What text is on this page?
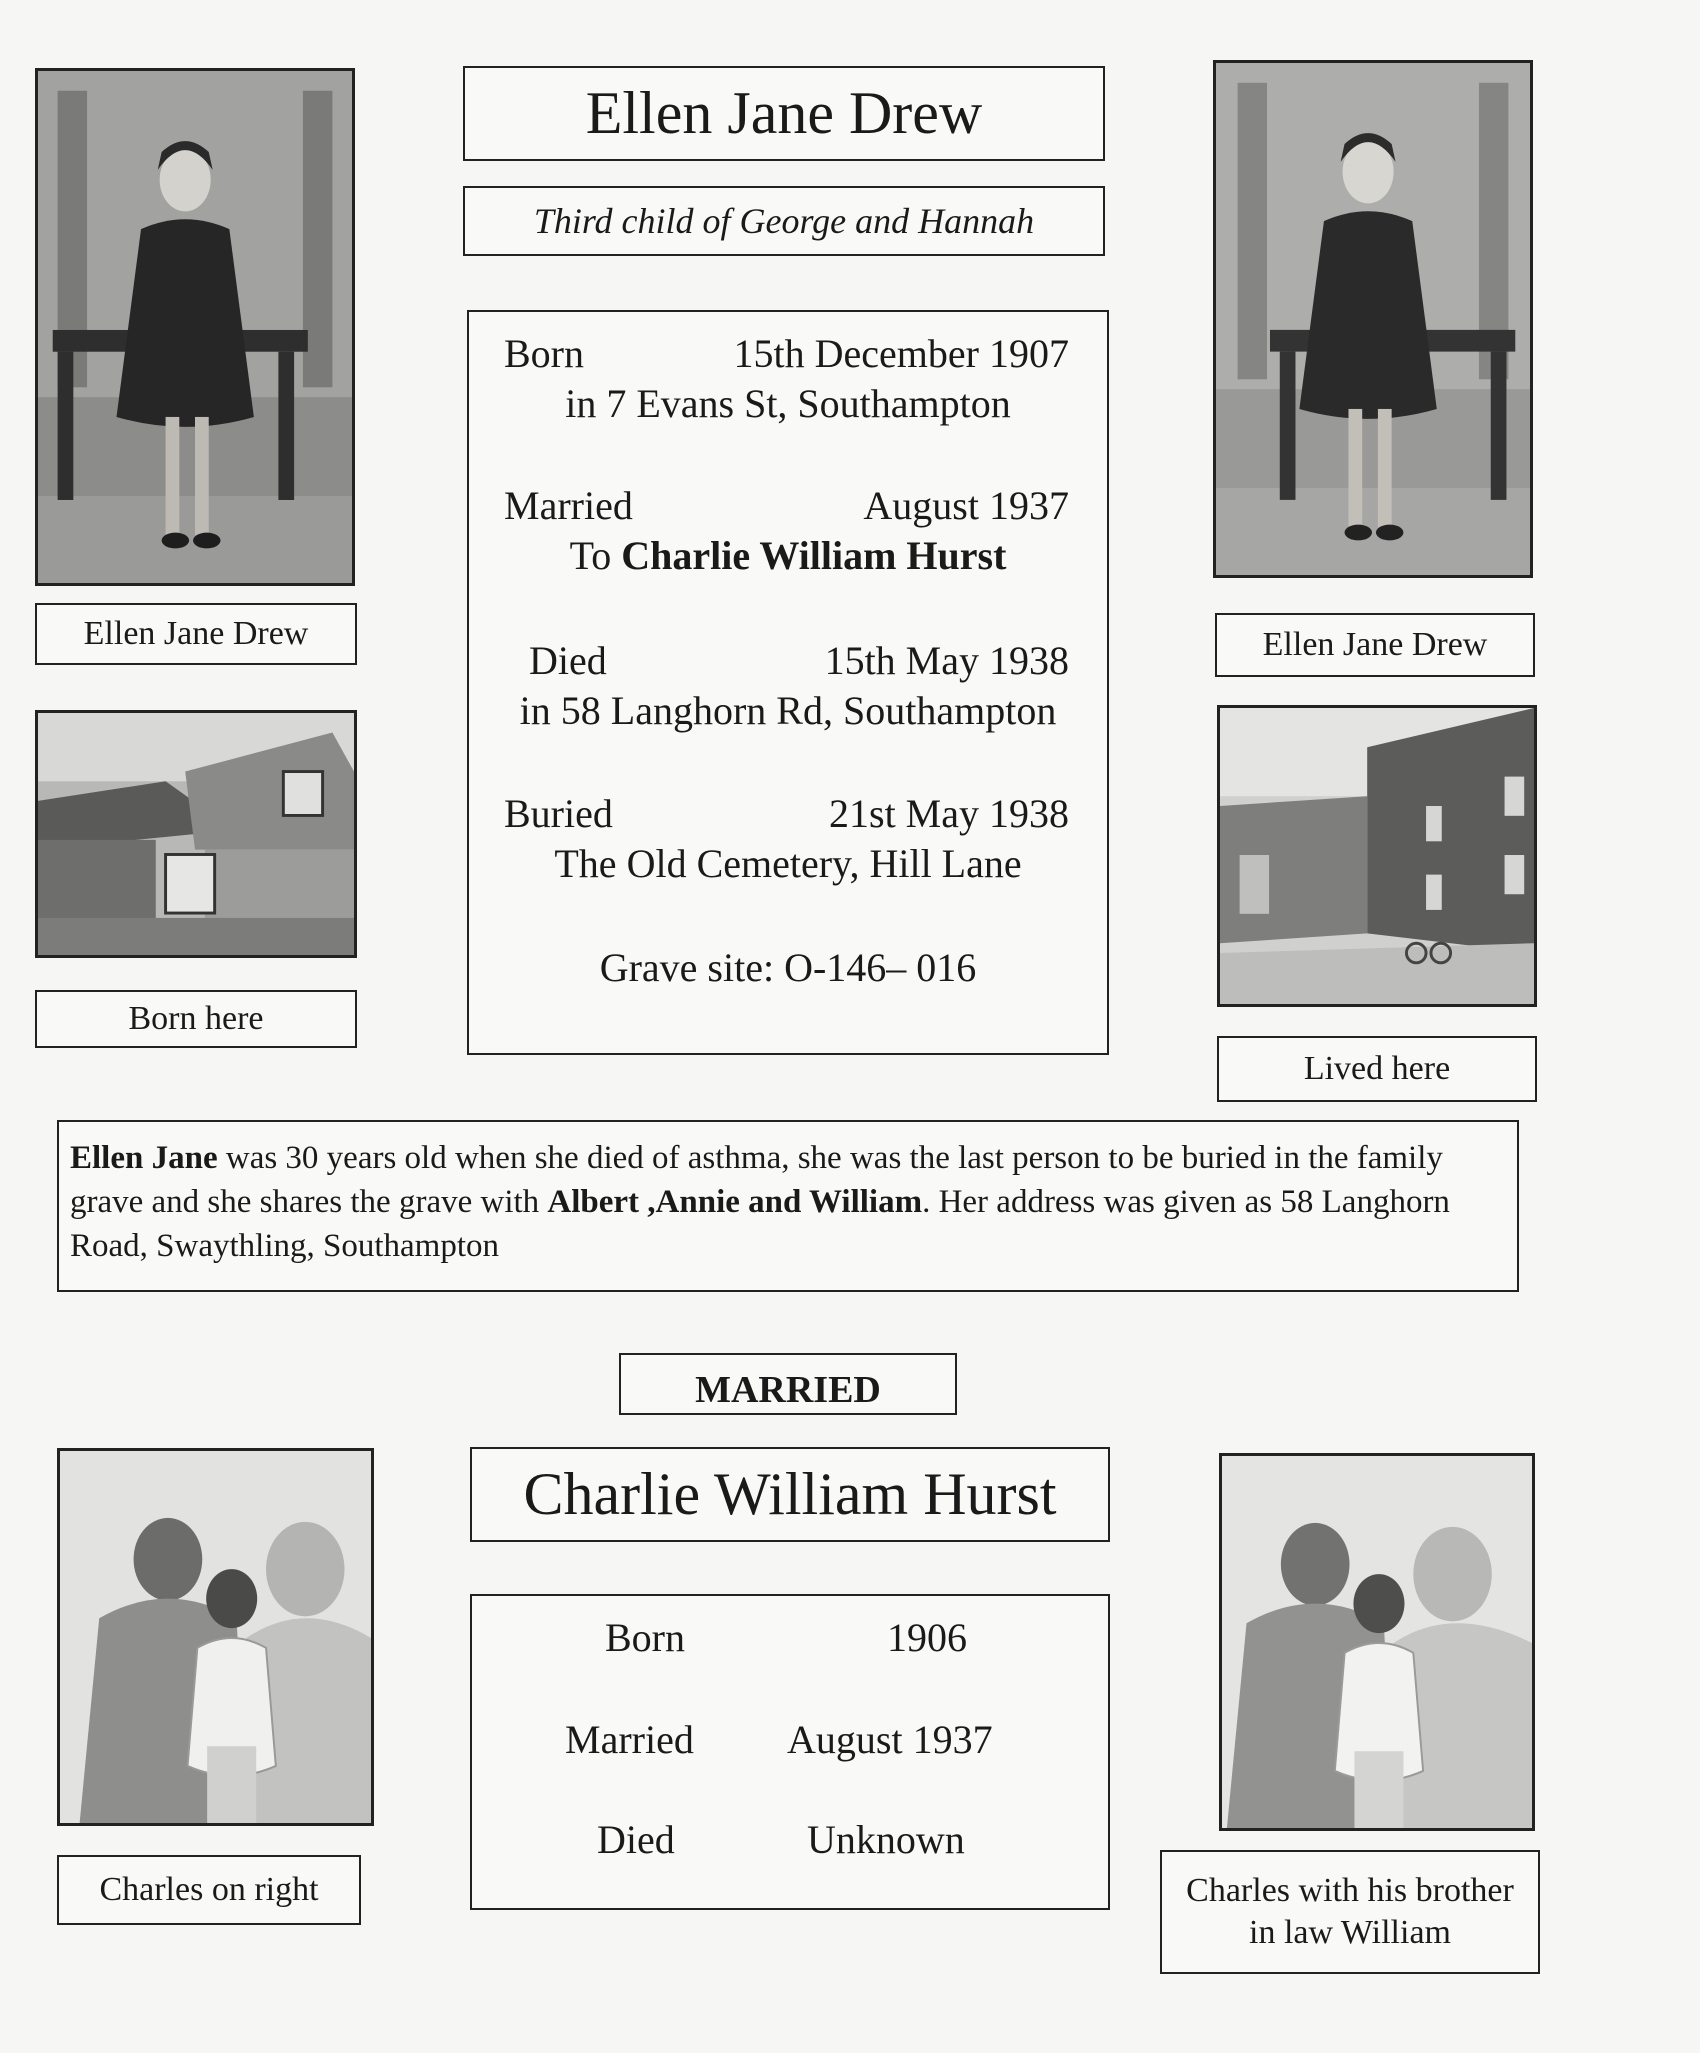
Ellen Jane Drew
Born here
Ellen Jane Drew
Third child of George and Hannah
Born	15th December 1907
in 7 Evans St, Southampton
Married	August 1937
To Charlie William Hurst
Died	15th May 1938
in 58 Langhorn Rd, Southampton
Buried	21st May 1938
The Old Cemetery, Hill Lane
Grave site: O-146– 016
Ellen Jane Drew
Lived here
Ellen Jane was 30 years old when she died of asthma, she was the last person to be buried in the family grave and she shares the grave with Albert ,Annie and William. Her address was given as 58 Langhorn Road, Swaythling, Southampton
MARRIED
Charlie William Hurst
Born	1906
Married August 1937
Died	Unknown
Charles on right	Charles with his brother in law William
